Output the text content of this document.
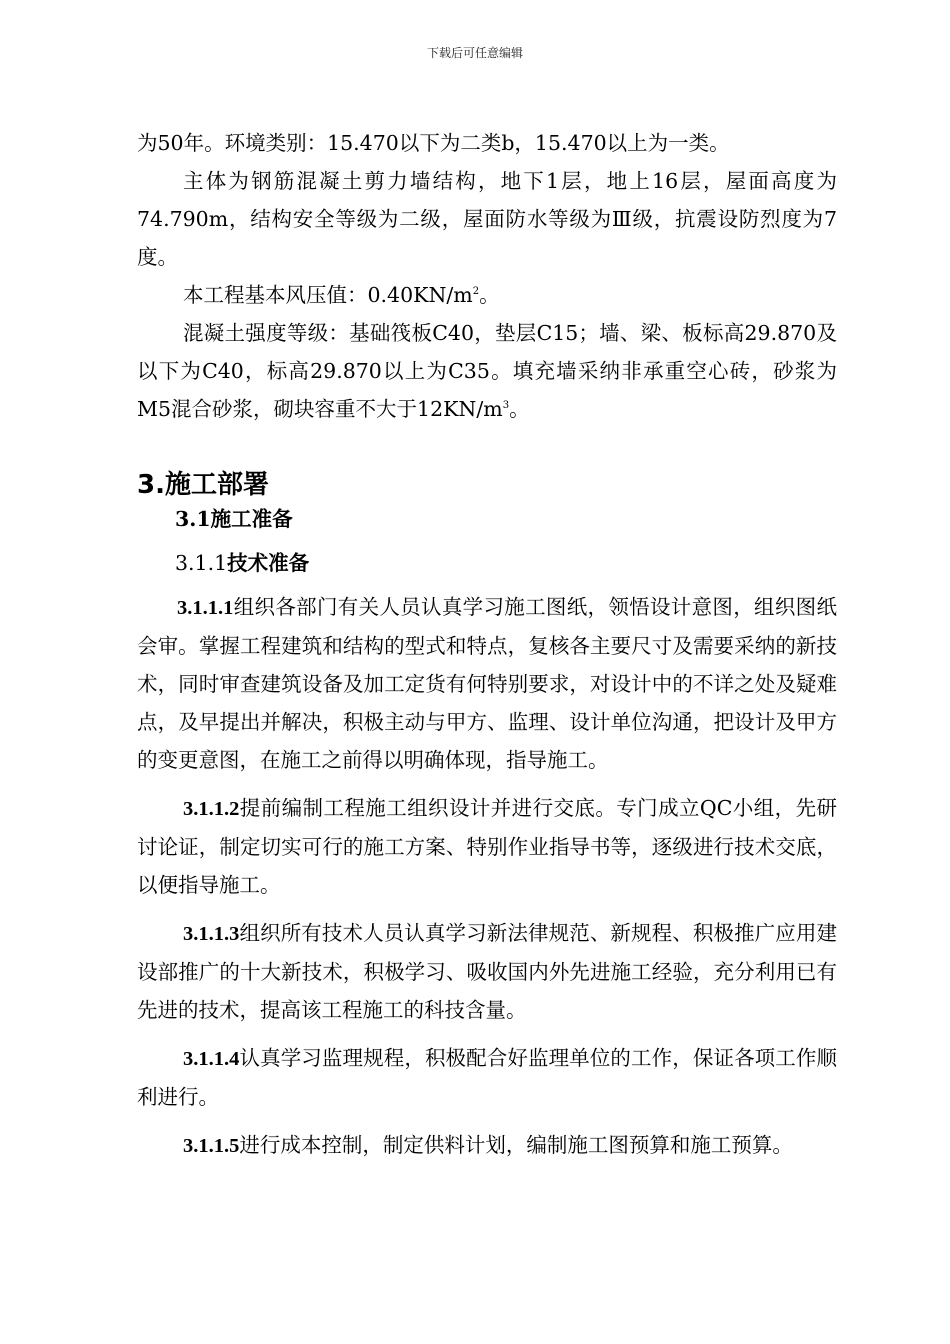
下载后可任意编辑

为50年。环境类别：15.470以下为二类b，15.470以上为一类。

主体为钢筋混凝土剪力墙结构，地下1层，地上16层，屋面高度为74.790m，结构安全等级为二级，屋面防水等级为Ⅲ级，抗震设防烈度为7度。

本工程基本风压值：$0.40KN/m^2$。

混凝土强度等级：基础筏板C40，垫层C15；墙、梁、板标高29.870及以下为C40，标高29.870以上为C35。填充墙采纳非承重空心砖，砂浆为M5混合砂浆，砌块容重不大于$12KN/m^3$。

3.施工部署
3.1施工准备
3.1.1技术准备

3.1.1.1组织各部门有关人员认真学习施工图纸，领悟设计意图，组织图纸会审。掌握工程建筑和结构的型式和特点，复核各主要尺寸及需要采纳的新技术，同时审查建筑设备及加工定货有何特别要求，对设计中的不详之处及疑难点，及早提出并解决，积极主动与甲方、监理、设计单位沟通，把设计及甲方的变更意图，在施工之前得以明确体现，指导施工。

3.1.1.2提前编制工程施工组织设计并进行交底。专门成立QC小组，先研讨论证，制定切实可行的施工方案、特别作业指导书等，逐级进行技术交底，以便指导施工。

3.1.1.3组织所有技术人员认真学习新法律规范、新规程、积极推广应用建设部推广的十大新技术，积极学习、吸收国内外先进施工经验，充分利用已有先进的技术，提高该工程施工的科技含量。

3.1.1.4认真学习监理规程，积极配合好监理单位的工作，保证各项工作顺利进行。

3.1.1.5进行成本控制，制定供料计划，编制施工图预算和施工预算。
